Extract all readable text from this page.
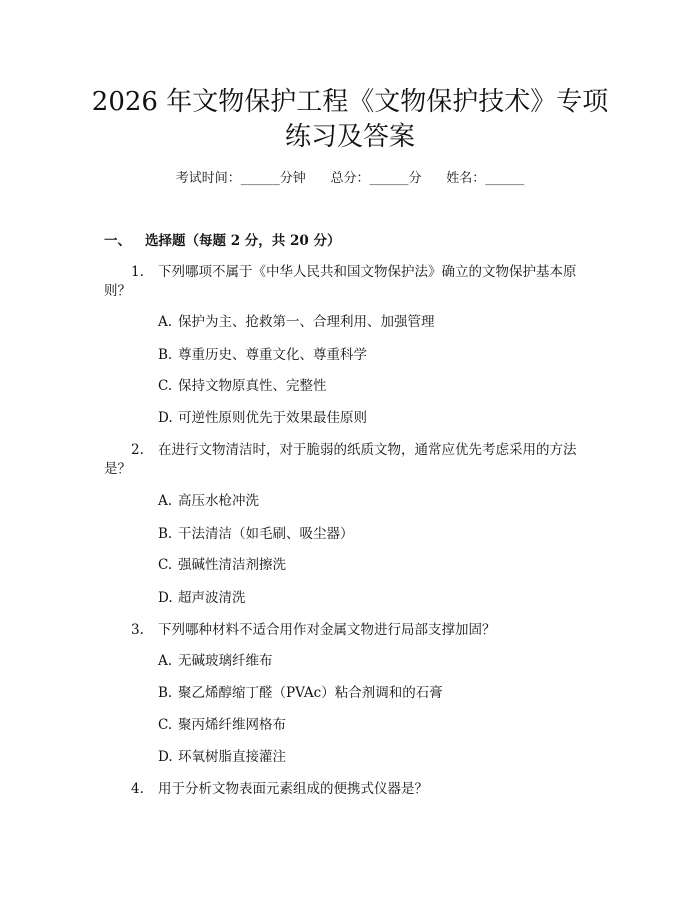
2026 年文物保护工程《文物保护技术》专项
练习及答案
考试时间：______分钟      总分：______分      姓名：______
一、 选择题（每题 2 分，共 20 分）
1. 下列哪项不属于《中华人民共和国文物保护法》确立的文物保护基本原
则？
A. 保护为主、抢救第一、合理利用、加强管理
B. 尊重历史、尊重文化、尊重科学
C. 保持文物原真性、完整性
D. 可逆性原则优先于效果最佳原则
2. 在进行文物清洁时，对于脆弱的纸质文物，通常应优先考虑采用的方法
是？
A. 高压水枪冲洗
B. 干法清洁（如毛刷、吸尘器）
C. 强碱性清洁剂擦洗
D. 超声波清洗
3. 下列哪种材料不适合用作对金属文物进行局部支撑加固？
A. 无碱玻璃纤维布
B. 聚乙烯醇缩丁醛（PVAc）粘合剂调和的石膏
C. 聚丙烯纤维网格布
D. 环氧树脂直接灌注
4. 用于分析文物表面元素组成的便携式仪器是？
